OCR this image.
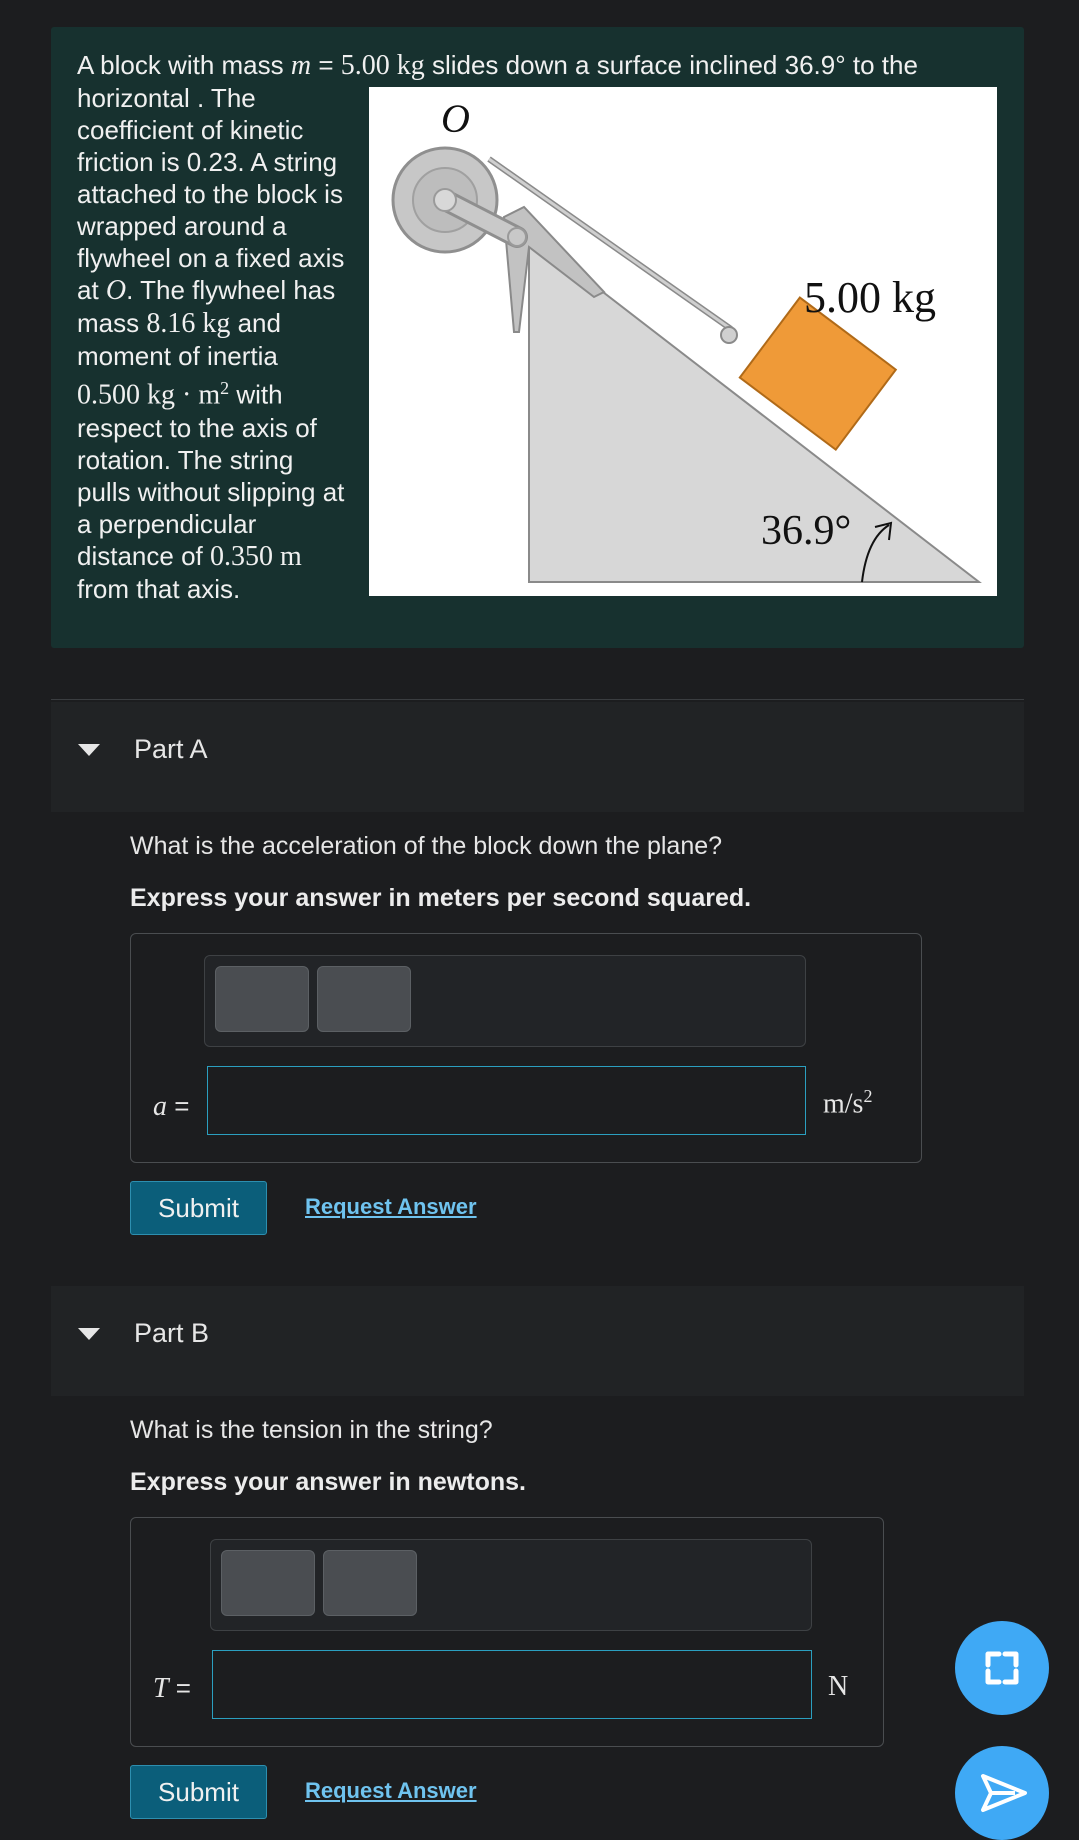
A block with mass m = 5.00 kg slides down a surface inclined 36.9° to the
horizontal . The coefficient of kinetic friction is 0.23. A string attached to the block is wrapped around a flywheel on a fixed axis at O. The flywheel has mass 8.16 kg and moment of inertia 0.500 kg · $m^2$ with respect to the axis of rotation. The string pulls without slipping at a perpendicular distance of 0.350 m from that axis.
O
5.00 kg
36.9°
Part A
What is the acceleration of the block down the plane?
Express your answer in meters per second squared.
a =	$m/s^2$
Submit	Request Answer
Part B
What is the tension in the string?
Express your answer in newtons.
T =	N
Submit	Request Answer
